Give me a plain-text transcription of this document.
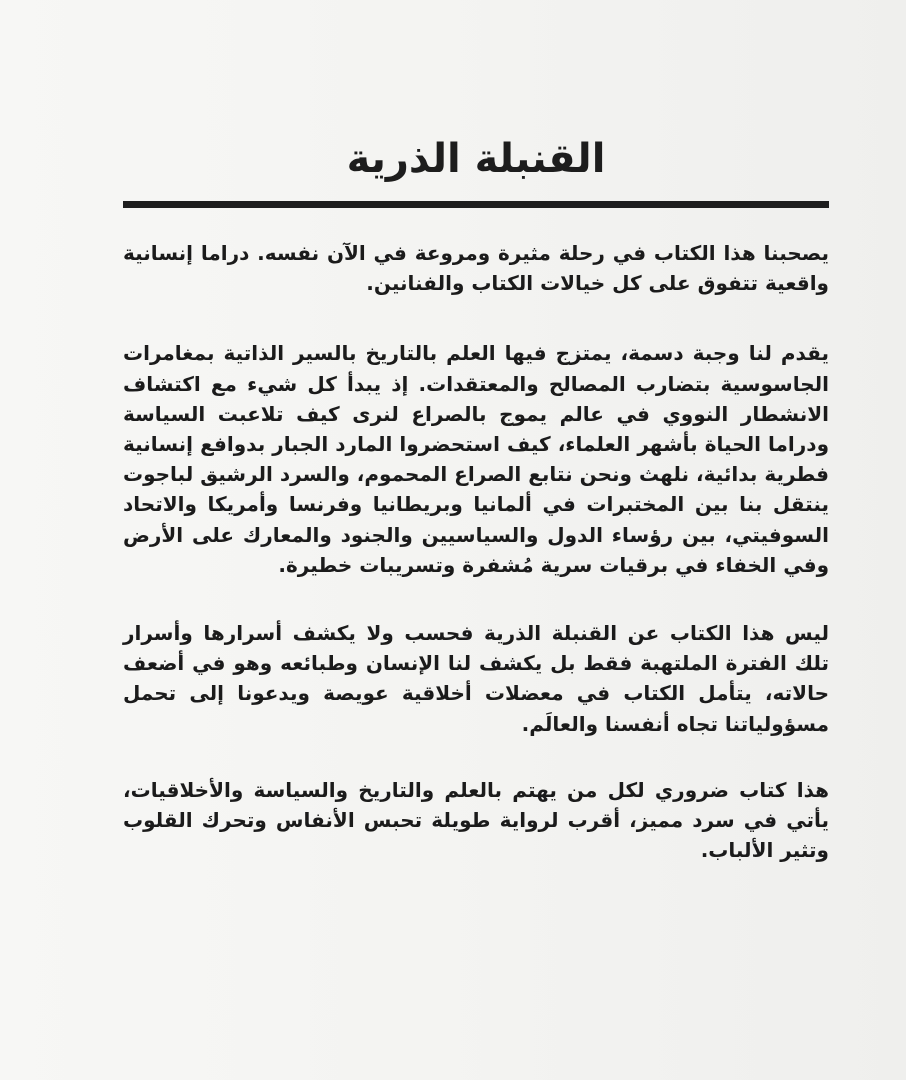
القنبلة الذرية

يصحبنا هذا الكتاب في رحلة مثيرة ومروعة في الآن نفسه. دراما إنسانية واقعية تتفوق على كل خيالات الكتاب والفنانين.

يقدم لنا وجبة دسمة، يمتزج فيها العلم بالتاريخ بالسير الذاتية بمغامرات الجاسوسية بتضارب المصالح والمعتقدات. إذ يبدأ كل شيء مع اكتشاف الانشطار النووي في عالم يموج بالصراع لنرى كيف تلاعبت السياسة ودراما الحياة بأشهر العلماء، كيف استحضروا المارد الجبار بدوافع إنسانية فطرية بدائية، نلهث ونحن نتابع الصراع المحموم، والسرد الرشيق لباجوت ينتقل بنا بين المختبرات في ألمانيا وبريطانيا وفرنسا وأمريكا والاتحاد السوفيتي، بين رؤساء الدول والسياسيين والجنود والمعارك على الأرض وفي الخفاء في برقيات سرية مُشفرة وتسريبات خطيرة.

ليس هذا الكتاب عن القنبلة الذرية فحسب ولا يكشف أسرارها وأسرار تلك الفترة الملتهبة فقط بل يكشف لنا الإنسان وطبائعه وهو في أضعف حالاته، يتأمل الكتاب في معضلات أخلاقية عويصة ويدعونا إلى تحمل مسؤولياتنا تجاه أنفسنا والعالَم.

هذا كتاب ضروري لكل من يهتم بالعلم والتاريخ والسياسة والأخلاقيات، يأتي في سرد مميز، أقرب لرواية طويلة تحبس الأنفاس وتحرك القلوب وتثير الألباب.
